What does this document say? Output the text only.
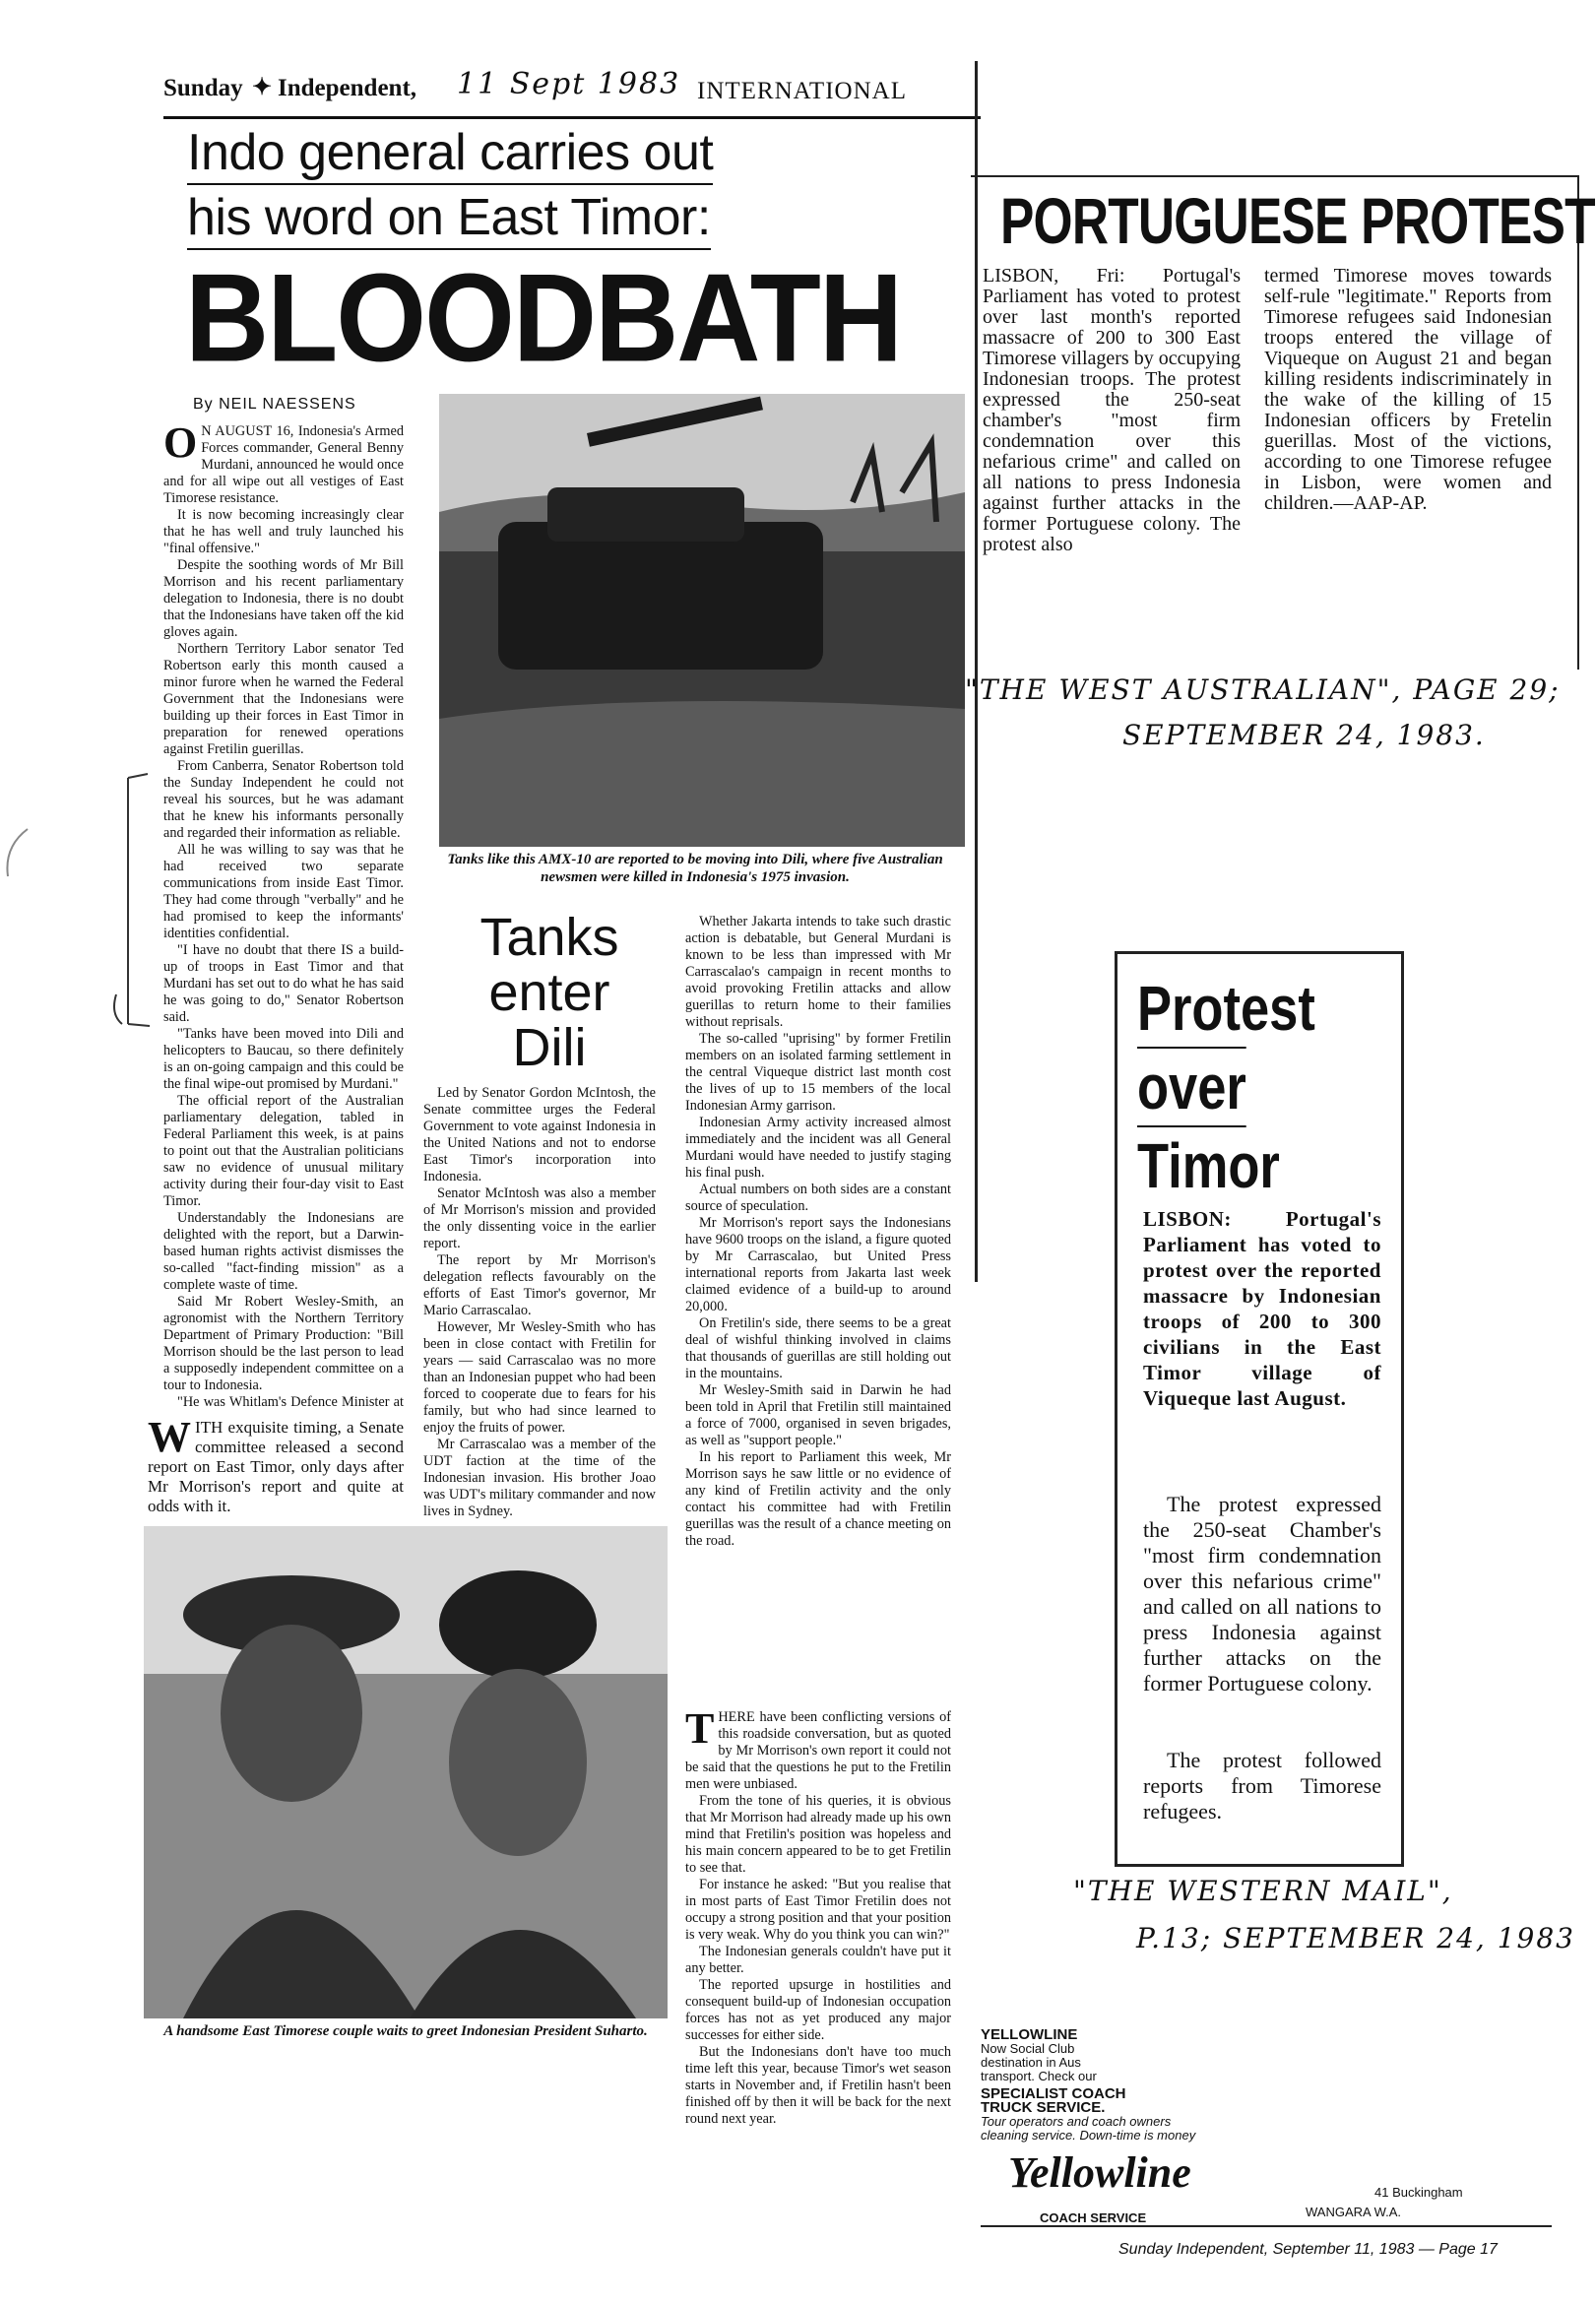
Sunday ✦ Independent, 11 Sept 1983 INTERNATIONAL
Indo general carries out
his word on East Timor:
BLOODBATH
By NEIL NAESSENS
O N AUGUST 16, Indonesia's Armed Forces commander, General Benny Murdani, announced he would once and for all wipe out all vestiges of East Timorese resistance.

It is now becoming increasingly clear that he has well and truly launched his "final offensive."

Despite the soothing words of Mr Bill Morrison and his recent parliamentary delegation to Indonesia, there is no doubt that the Indonesians have taken off the kid gloves again.

Northern Territory Labor senator Ted Robertson early this month caused a minor furore when he warned the Federal Government that the Indonesians were building up their forces in East Timor in preparation for renewed operations against Fretilin guerillas.

From Canberra, Senator Robertson told the Sunday Independent he could not reveal his sources, but he was adamant that he knew his informants personally and regarded their information as reliable.

All he was willing to say was that he had received two separate communications from inside East Timor. They had come through "verbally" and he had promised to keep the informants' identities confidential.

"I have no doubt that there IS a build-up of troops in East Timor and that Murdani has set out to do what he has said he was going to do," Senator Robertson said.

"Tanks have been moved into Dili and helicopters to Baucau, so there definitely is an on-going campaign and this could be the final wipe-out promised by Murdani."

The official report of the Australian parliamentary delegation, tabled in Federal Parliament this week, is at pains to point out that the Australian politicians saw no evidence of unusual military activity during their four-day visit to East Timor.

Understandably the Indonesians are delighted with the report, but a Darwin-based human rights activist dismisses the so-called "fact-finding mission" as a complete waste of time.

Said Mr Robert Wesley-Smith, an agronomist with the Northern Territory Department of Primary Production: "Bill Morrison should be the last person to lead a supposedly independent committee on a tour to Indonesia.

"He was Whitlam's Defence Minister at

W ITH exquisite timing, a Senate committee released a second report on East Timor, only days after Mr Morrison's report and quite at odds with it.

Tanks like this AMX-10 are reported to be moving into Dili, where five Australian newsmen were killed in Indonesia's 1975 invasion.
Tanks
enter
Dili

Led by Senator Gordon McIntosh, the Senate committee urges the Federal Government to vote against Indonesia in the United Nations and not to endorse East Timor's incorporation into Indonesia.

Senator McIntosh was also a member of Mr Morrison's mission and provided the only dissenting voice in the earlier report.

The report by Mr Morrison's delegation reflects favourably on the efforts of East Timor's governor, Mr Mario Carrascalao.

However, Mr Wesley-Smith who has been in close contact with Fretilin for years — said Carrascalao was no more than an Indonesian puppet who had been forced to cooperate due to fears for his family, but who had since learned to enjoy the fruits of power.

Mr Carrascalao was a member of the UDT faction at the time of the Indonesian invasion. His brother Joao was UDT's military commander and now lives in Sydney.

Whether Jakarta intends to take such drastic action is debatable, but General Murdani is known to be less than impressed with Mr Carrascalao's campaign in recent months to avoid provoking Fretilin attacks and allow guerillas to return home to their families without reprisals.

The so-called "uprising" by former Fretilin members on an isolated farming settlement in the central Viqueque district last month cost the lives of up to 15 members of the local Indonesian Army garrison.

Indonesian Army activity increased almost immediately and the incident was all General Murdani would have needed to justify staging his final push.

Actual numbers on both sides are a constant source of speculation.

Mr Morrison's report says the Indonesians have 9600 troops on the island, a figure quoted by Mr Carrascalao, but United Press international reports from Jakarta last week claimed evidence of a build-up to around 20,000.

On Fretilin's side, there seems to be a great deal of wishful thinking involved in claims that thousands of guerillas are still holding out in the mountains.

Mr Wesley-Smith said in Darwin he had been told in April that Fretilin still maintained a force of 7000, organised in seven brigades, as well as "support people."

In his report to Parliament this week, Mr Morrison says he saw little or no evidence of any kind of Fretilin activity and the only contact his committee had with Fretilin guerillas was the result of a chance meeting on the road.

T HERE have been conflicting versions of this roadside conversation, but as quoted by Mr Morrison's own report it could not be said that the questions he put to the Fretilin men were unbiased.

From the tone of his queries, it is obvious that Mr Morrison had already made up his own mind that Fretilin's position was hopeless and his main concern appeared to be to get Fretilin to see that.

For instance he asked: "But you realise that in most parts of East Timor Fretilin does not occupy a strong position and that your position is very weak. Why do you think you can win?"

The Indonesian generals couldn't have put it any better.

The reported upsurge in hostilities and consequent build-up of Indonesian occupation forces has not as yet produced any major successes for either side.

But the Indonesians don't have too much time left this year, because Timor's wet season starts in November and, if Fretilin hasn't been finished off by then it will be back for the next round next year.

A handsome East Timorese couple waits to greet Indonesian President Suharto.
Sunday Independent, September 11, 1983 — Page 17
PORTUGUESE PROTEST
LISBON, Fri: Portugal's Parliament has voted to protest over last month's reported massacre of 200 to 300 East Timorese villagers by occupying Indonesian troops. The protest expressed the 250-seat chamber's "most firm condemnation over this nefarious crime" and called on all nations to press Indonesia against further attacks in the former Portuguese colony. The protest also
termed Timorese moves towards self-rule "legitimate." Reports from Timorese refugees said Indonesian troops entered the village of Viqueque on August 21 and began killing residents indiscriminately in the wake of the killing of 15 Indonesian officers by Fretelin guerillas. Most of the victions, according to one Timorese refugee in Lisbon, were women and children.—AAP-AP.
"THE WEST AUSTRALIAN", PAGE 29;
SEPTEMBER 24, 1983.
Protest
over
Timor
LISBON: Portugal's Parliament has voted to protest over the reported massacre by Indonesian troops of 200 to 300 civilians in the East Timor village of Viqueque last August.
The protest expressed the 250-seat Chamber's "most firm condemnation over this nefarious crime" and called on all nations to press Indonesia against further attacks on the former Portuguese colony.
The protest followed reports from Timorese refugees.
"THE WESTERN MAIL",
P.13; SEPTEMBER 24, 1983
YELLOWLINE
Now Social Club
destination in Aus
transport. Check our
SPECIALIST COACH
TRUCK SERVICE.
Tour operators and coach owners
cleaning service. Down-time is money
Yellowline
COACH SERVICE
41 Buckingham
WANGARA W.A.
